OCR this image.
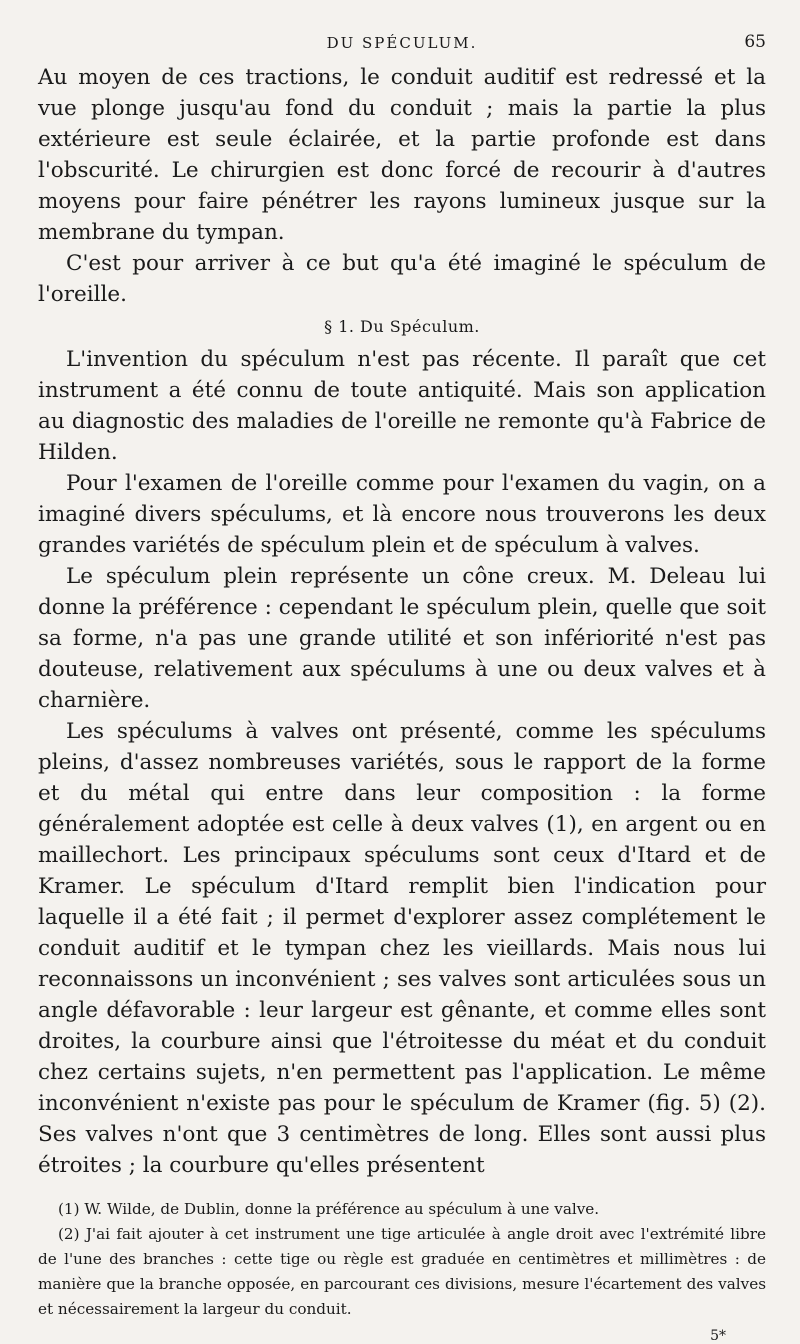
DU SPÉCULUM.	65

Au moyen de ces tractions, le conduit auditif est redressé et la vue plonge jusqu'au fond du conduit ; mais la partie la plus extérieure est seule éclairée, et la partie profonde est dans l'obscurité. Le chirurgien est donc forcé de recourir à d'autres moyens pour faire pénétrer les rayons lumineux jusque sur la membrane du tympan.

C'est pour arriver à ce but qu'a été imaginé le spéculum de l'oreille.

§ 1. Du Spéculum.

L'invention du spéculum n'est pas récente. Il paraît que cet instrument a été connu de toute antiquité. Mais son application au diagnostic des maladies de l'oreille ne remonte qu'à Fabrice de Hilden.

Pour l'examen de l'oreille comme pour l'examen du vagin, on a imaginé divers spéculums, et là encore nous trouverons les deux grandes variétés de spéculum plein et de spéculum à valves.

Le spéculum plein représente un cône creux. M. Deleau lui donne la préférence : cependant le spéculum plein, quelle que soit sa forme, n'a pas une grande utilité et son infériorité n'est pas douteuse, relativement aux spéculums à une ou deux valves et à charnière.

Les spéculums à valves ont présenté, comme les spéculums pleins, d'assez nombreuses variétés, sous le rapport de la forme et du métal qui entre dans leur composition : la forme généralement adoptée est celle à deux valves (1), en argent ou en maillechort. Les principaux spéculums sont ceux d'Itard et de Kramer. Le spéculum d'Itard remplit bien l'indication pour laquelle il a été fait ; il permet d'explorer assez complétement le conduit auditif et le tympan chez les vieillards. Mais nous lui reconnaissons un inconvénient ; ses valves sont articulées sous un angle défavorable : leur largeur est gênante, et comme elles sont droites, la courbure ainsi que l'étroitesse du méat et du conduit chez certains sujets, n'en permettent pas l'application. Le même inconvénient n'existe pas pour le spéculum de Kramer (fig. 5) (2). Ses valves n'ont que 3 centimètres de long. Elles sont aussi plus étroites ; la courbure qu'elles présentent

(1) W. Wilde, de Dublin, donne la préférence au spéculum à une valve.

(2) J'ai fait ajouter à cet instrument une tige articulée à angle droit avec l'extrémité libre de l'une des branches : cette tige ou règle est graduée en centimètres et millimètres : de manière que la branche opposée, en parcourant ces divisions, mesure l'écartement des valves et nécessairement la largeur du conduit.

5*
